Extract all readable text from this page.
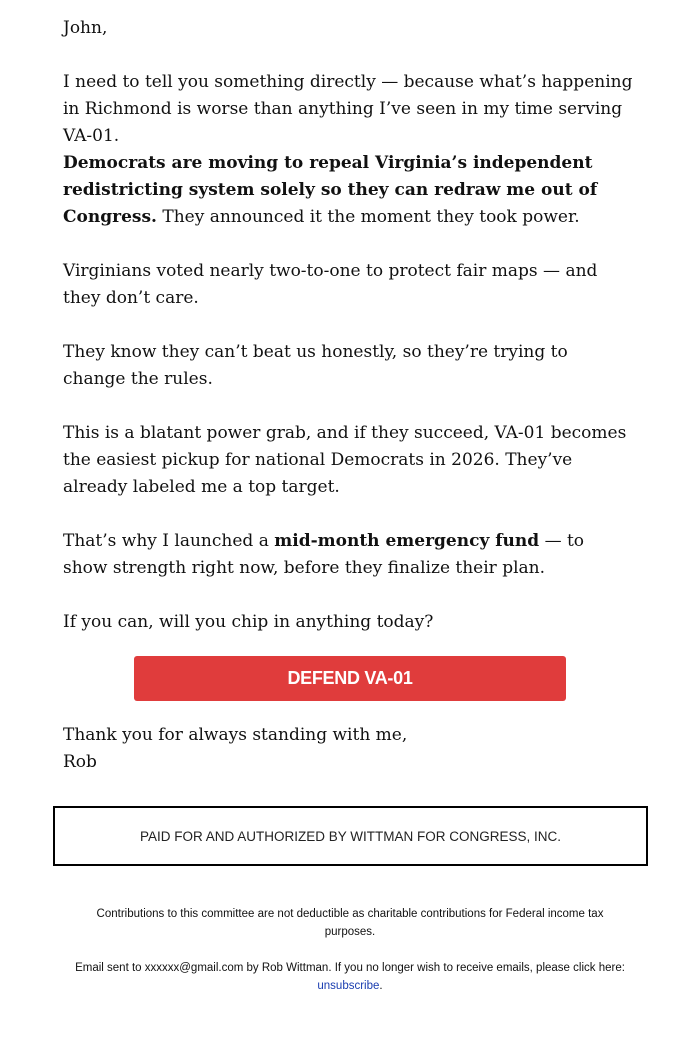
John,

I need to tell you something directly — because what’s happening in Richmond is worse than anything I’ve seen in my time serving VA-01.

Democrats are moving to repeal Virginia’s independent redistricting system solely so they can redraw me out of Congress. They announced it the moment they took power.

Virginians voted nearly two-to-one to protect fair maps — and they don’t care.

They know they can’t beat us honestly, so they’re trying to change the rules.

This is a blatant power grab, and if they succeed, VA-01 becomes the easiest pickup for national Democrats in 2026. They’ve already labeled me a top target.

That’s why I launched a mid-month emergency fund — to show strength right now, before they finalize their plan.

If you can, will you chip in anything today?

Thank you for always standing with me,

Rob

DEFEND VA-01
PAID FOR AND AUTHORIZED BY WITTMAN FOR CONGRESS, INC.
Contributions to this committee are not deductible as charitable contributions for Federal income tax purposes.
Email sent to xxxxxx@gmail.com by Rob Wittman. If you no longer wish to receive emails, please click here:
unsubscribe.
